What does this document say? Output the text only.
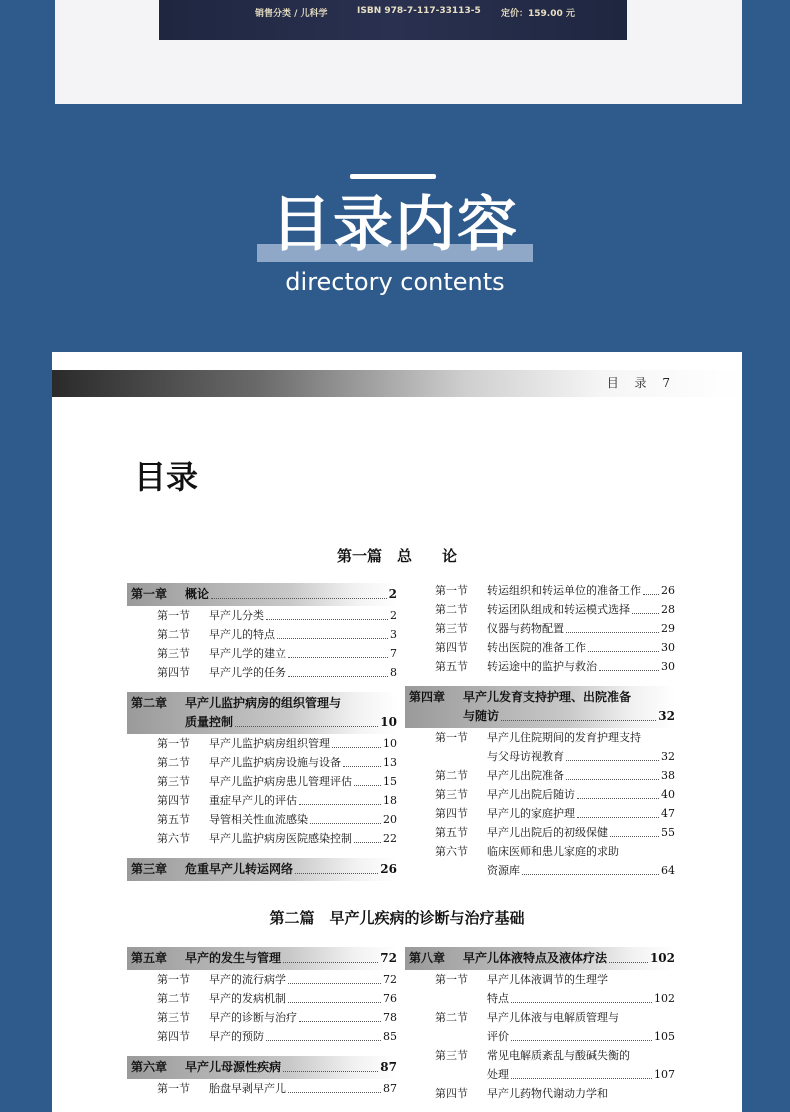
销售分类 / 儿科学	ISBN 978-7-117-33113-5 定价：159.00 元
目录内容
directory contents
目 录 7
目录
第一篇　总　　论
第一章	概论	2
第一节	早产儿分类	2
第二节	早产儿的特点	3
第三节	早产儿学的建立	7
第四节	早产儿学的任务	8
第二章	早产儿监护病房的组织管理与
质量控制	10
第一节	早产儿监护病房组织管理	10
第二节	早产儿监护病房设施与设备	13
第三节	早产儿监护病房患儿管理评估	15
第四节	重症早产儿的评估	18
第五节	导管相关性血流感染	20
第六节	早产儿监护病房医院感染控制	22
第三章	危重早产儿转运网络	26
第一节	转运组织和转运单位的准备工作 26
第二节	转运团队组成和转运模式选择	28
第三节	仪器与药物配置	29
第四节	转出医院的准备工作	30
第五节	转运途中的监护与救治	30
第四章	早产儿发育支持护理、出院准备
与随访	32
第一节	早产儿住院期间的发育护理支持
与父母访视教育	32
第二节	早产儿出院准备	38
第三节	早产儿出院后随访	40
第四节	早产儿的家庭护理	47
第五节	早产儿出院后的初级保健	55
第六节	临床医师和患儿家庭的求助
资源库	64
第二篇　早产儿疾病的诊断与治疗基础
第五章	早产的发生与管理	72
第一节	早产的流行病学	72
第二节	早产的发病机制	76
第三节	早产的诊断与治疗	78
第四节	早产的预防	85
第六章	早产儿母源性疾病	87
第一节	胎盘早剥早产儿	87
第八章	早产儿体液特点及液体疗法	102
第一节	早产儿体液调节的生理学
特点	102
第二节	早产儿体液与电解质管理与
评价	105
第三节	常见电解质紊乱与酸碱失衡的
处理	107
第四节	早产儿药物代谢动力学和
